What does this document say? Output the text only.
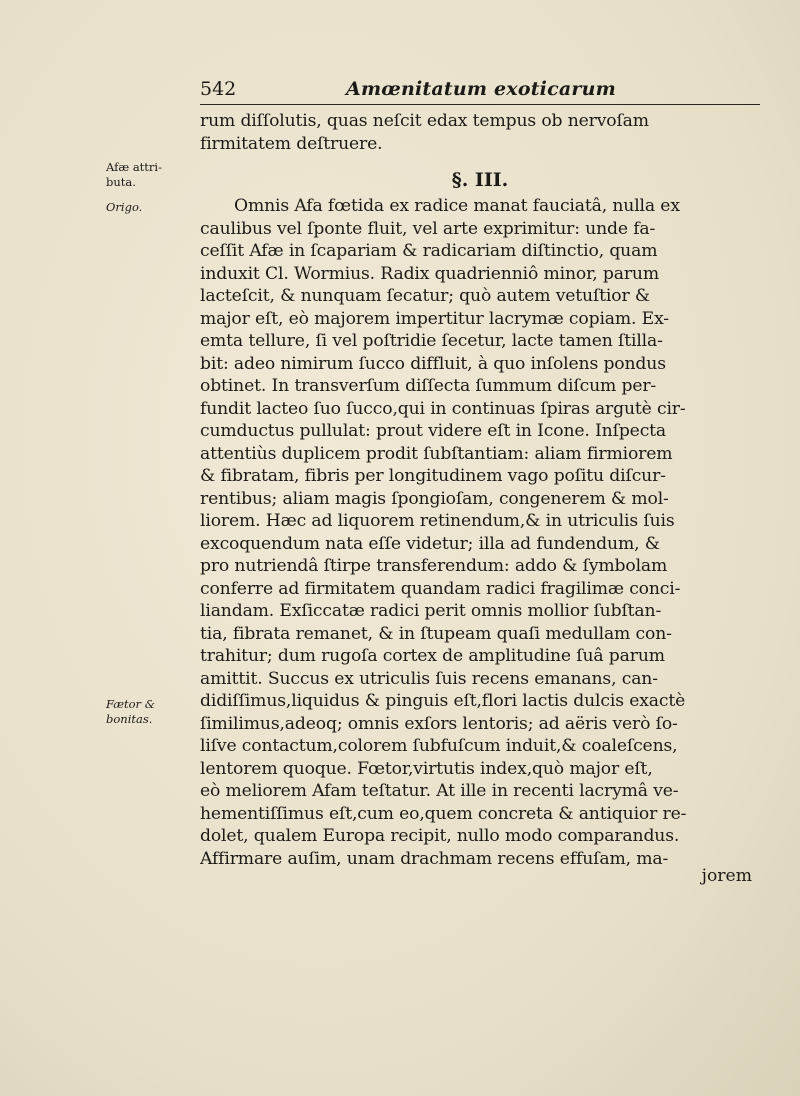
542	Amœnitatum exoticarum
Afæ attri-
buta.
Origo.
Fætor &
bonitas.
rum diſſolutis, quas neſcit edax tempus ob nervoſam
firmitatem deſtruere.
§. III.
Omnis Afa fœtida ex radice manat fauciatâ, nulla ex
caulibus vel ſponte fluit, vel arte exprimitur: unde fa-
ceſſit Afæ in ſcapariam & radicariam diſtinctio, quam
induxit Cl. Wormius. Radix quadrienniô minor, parum
lacteſcit, & nunquam ſecatur; quò autem vetuſtior &
major eſt, eò majorem impertitur lacrymæ copiam. Ex-
emta tellure, ſi vel poſtridie ſecetur, lacte tamen ſtilla-
bit: adeo nimirum ſucco diffluit, à quo inſolens pondus
obtinet. In transverſum diſſecta ſummum diſcum per-
fundit lacteo ſuo ſucco,qui in continuas ſpiras argutè cir-
cumductus pullulat: prout videre eſt in Icone. Inſpecta
attentiùs duplicem prodit ſubſtantiam: aliam firmiorem
& fibratam, fibris per longitudinem vago poſitu diſcur-
rentibus; aliam magis ſpongioſam, congenerem & mol-
liorem. Hæc ad liquorem retinendum,& in utriculis ſuis
excoquendum nata eſſe videtur; illa ad fundendum, &
pro nutriendâ ſtirpe transferendum: addo & ſymbolam
conferre ad firmitatem quandam radici fragilimæ conci-
liandam. Exſiccatæ radici perit omnis mollior ſubſtan-
tia, fibrata remanet, & in ſtupeam quaſi medullam con-
trahitur; dum rugoſa cortex de amplitudine ſuâ parum
amittit. Succus ex utriculis ſuis recens emanans, can-
didiſſimus,liquidus & pinguis eſt,flori lactis dulcis exactè
ſimilimus,adeoq; omnis exſors lentoris; ad aëris verò ſo-
liſve contactum,colorem ſubfuſcum induit,& coaleſcens,
lentorem quoque. Fœtor,virtutis index,quò major eſt,
eò meliorem Afam teſtatur. At ille in recenti lacrymâ ve-
hementiſſimus eſt,cum eo,quem concreta & antiquior re-
dolet, qualem Europa recipit, nullo modo comparandus.
Affirmare auſim, unam drachmam recens effuſam, ma-
jorem
